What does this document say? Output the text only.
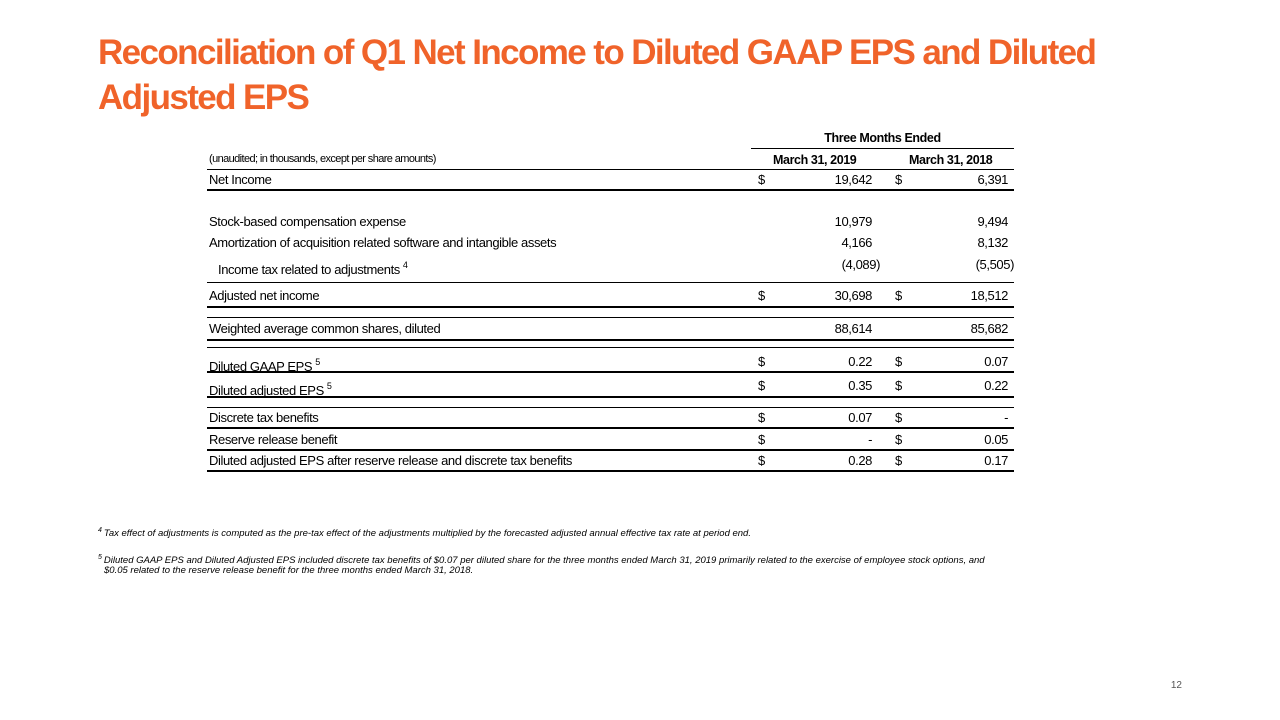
Reconciliation of Q1 Net Income to Diluted GAAP EPS and Diluted Adjusted EPS
Three Months Ended
(unaudited; in thousands, except per share amounts)	March 31, 2019	March 31, 2018
Net Income	$	19,642 $	6,391
Stock-based compensation expense	10,979	9,494
Amortization of acquisition related software and intangible assets	4,166	8,132
Income tax related to adjustments $^4$	(4,089)	(5,505)
Adjusted net income	$	30,698 $	18,512
Weighted average common shares, diluted	88,614	85,682
Diluted GAAP EPS $^5$	$	0.22 $	0.07
Diluted adjusted EPS $^5$	$	0.35 $	0.22
Discrete tax benefits	$	0.07 $	-
Reserve release benefit	$	- $	0.05
Diluted adjusted EPS after reserve release and discrete tax benefits	$	0.28 $	0.17
$^4$ Tax effect of adjustments is computed as the pre-tax effect of the adjustments multiplied by the forecasted adjusted annual effective tax rate at period end.
$^5$ Diluted GAAP EPS and Diluted Adjusted EPS included discrete tax benefits of $0.07 per diluted share for the three months ended March 31, 2019 primarily related to the exercise of employee stock options, and
$0.05 related to the reserve release benefit for the three months ended March 31, 2018.
12
